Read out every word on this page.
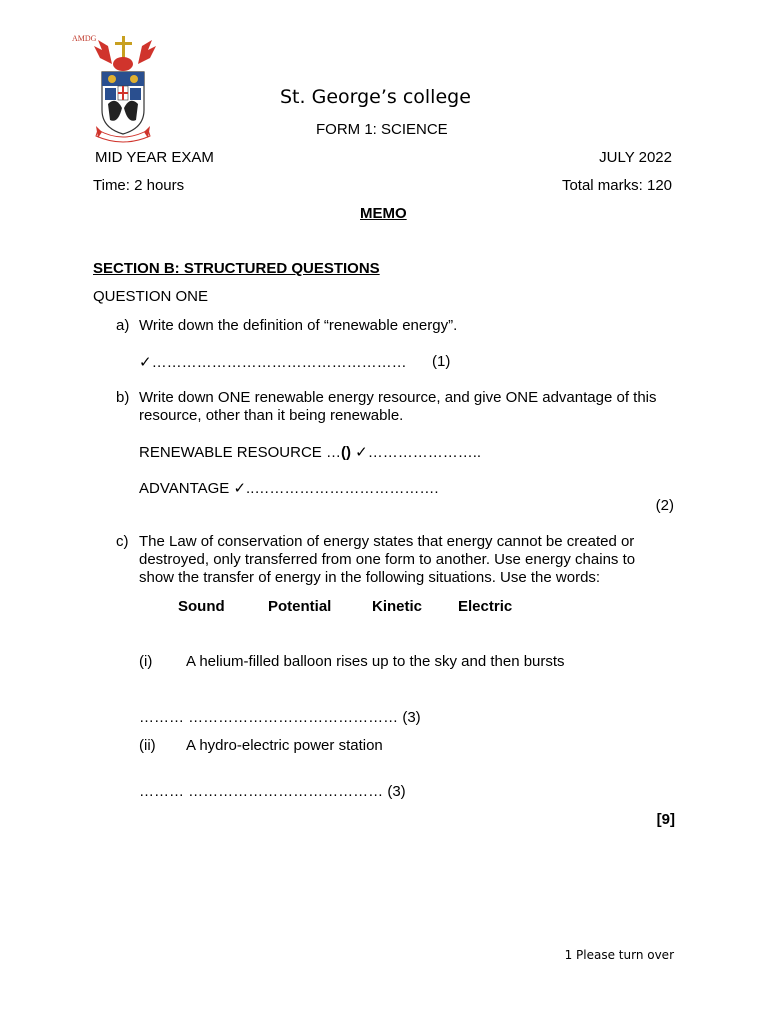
AMDG
St. George’s college
FORM 1: SCIENCE
MID YEAR EXAM	JULY 2022
Time: 2 hours	Total marks: 120
MEMO
SECTION B: STRUCTURED QUESTIONS
QUESTION ONE
a) Write down the definition of “renewable energy”.
✓…………………………………………… (1)
b) Write down ONE renewable energy resource, and give ONE advantage of this resource, other than it being renewable.
RENEWABLE RESOURCE …() ✓…………………..
ADVANTAGE ✓..……………………………….
(2)
c) The Law of conservation of energy states that energy cannot be created or destroyed, only transferred from one form to another. Use energy chains to show the transfer of energy in the following situations. Use the words:
Sound	Potential	Kinetic Electric
(i) A helium-filled balloon rises up to the sky and then bursts
……… …………………………………… (3)
(ii) A hydro-electric power station
……… ………………………………… (3)
[9]
1 Please turn over
